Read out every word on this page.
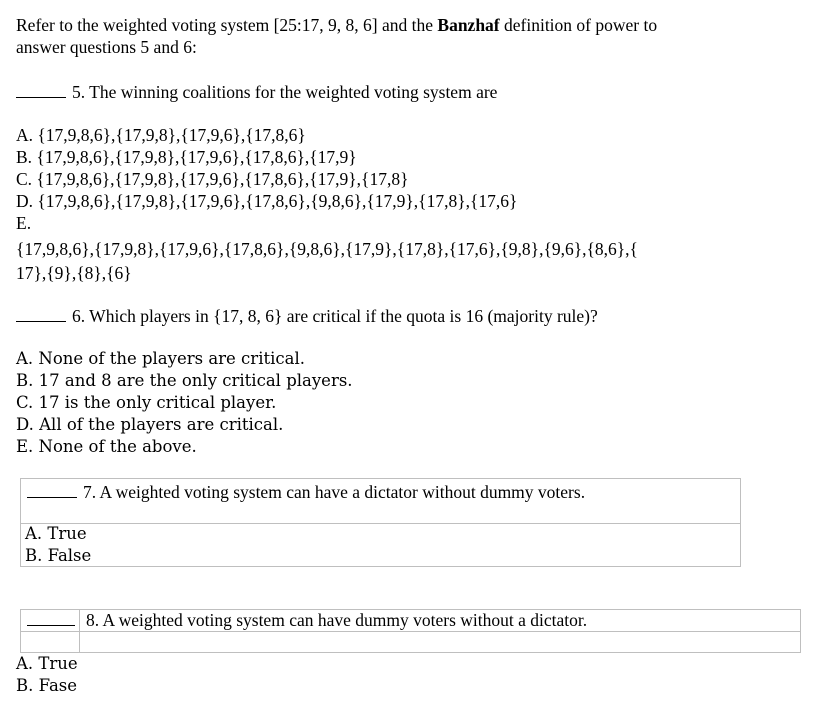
Refer to the weighted voting system [25:17, 9, 8, 6] and the Banzhaf definition of power to
answer questions 5 and 6:
5. The winning coalitions for the weighted voting system are
A. {17,9,8,6},{17,9,8},{17,9,6},{17,8,6}
B. {17,9,8,6},{17,9,8},{17,9,6},{17,8,6},{17,9}
C. {17,9,8,6},{17,9,8},{17,9,6},{17,8,6},{17,9},{17,8}
D. {17,9,8,6},{17,9,8},{17,9,6},{17,8,6},{9,8,6},{17,9},{17,8},{17,6}
E.
{17,9,8,6},{17,9,8},{17,9,6},{17,8,6},{9,8,6},{17,9},{17,8},{17,6},{9,8},{9,6},{8,6},{
17},{9},{8},{6}
6. Which players in {17, 8, 6} are critical if the quota is 16 (majority rule)?
A. None of the players are critical.
B. 17 and 8 are the only critical players.
C. 17 is the only critical player.
D. All of the players are critical.
E. None of the above.
7. A weighted voting system can have a dictator without dummy voters.
A. True
B. False
8. A weighted voting system can have dummy voters without a dictator.
A. True
B. Fase
